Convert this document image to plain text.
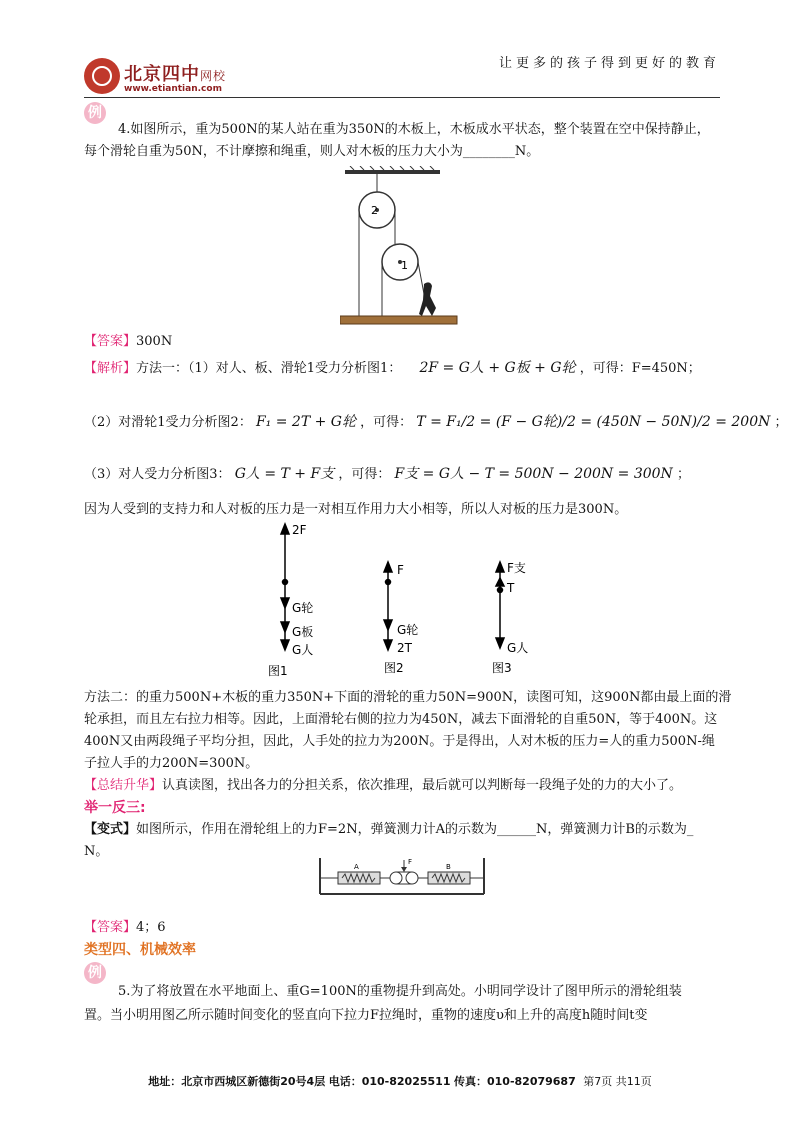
北京四中网校
www.etiantian.com
让更多的孩子得到更好的教育
例
4.如图所示，重为500N的某人站在重为350N的木板上，木板成水平状态，整个装置在空中保持静止，
每个滑轮自重为50N，不计摩擦和绳重，则人对木板的压力大小为________N。
2
1
【答案】300N
【解析】方法一：（1）对人、板、滑轮1受力分析图1： 2F = G人 + G板 + G轮 ，可得：F=450N；
（2）对滑轮1受力分析图2： F₁ = 2T + G轮 ，可得： T = F₁/2 = (F − G轮)/2 = (450N − 50N)/2 = 200N ；
（3）对人受力分析图3： G人 = T + F支 ，可得： F支 = G人 − T = 500N − 200N = 300N ；
因为人受到的支持力和人对板的压力是一对相互作用力大小相等，所以人对板的压力是300N。
2F
G轮
G板
G人
图1
F
G轮
2T
图2
F支
T
G人
图3
方法二：的重力500N+木板的重力350N+下面的滑轮的重力50N=900N，读图可知，这900N都由最上面的滑
轮承担，而且左右拉力相等。因此，上面滑轮右侧的拉力为450N，减去下面滑轮的自重50N，等于400N。这
400N又由两段绳子平均分担，因此，人手处的拉力为200N。于是得出，人对木板的压力=人的重力500N-绳
子拉人手的力200N=300N。
【总结升华】认真读图，找出各力的分担关系，依次推理，最后就可以判断每一段绳子处的力的大小了。
举一反三:
【变式】如图所示，作用在滑轮组上的力F=2N，弹簧测力计A的示数为______N，弹簧测力计B的示数为_
N。
A
F
B
【答案】4；6
类型四、机械效率
例
5.为了将放置在水平地面上、重G=100N的重物提升到高处。小明同学设计了图甲所示的滑轮组装
置。当小明用图乙所示随时间变化的竖直向下拉力F拉绳时，重物的速度υ和上升的高度h随时间t变
地址：北京市西城区新德街20号4层 电话：010-82025511 传真：010-82079687 第7页 共11页
